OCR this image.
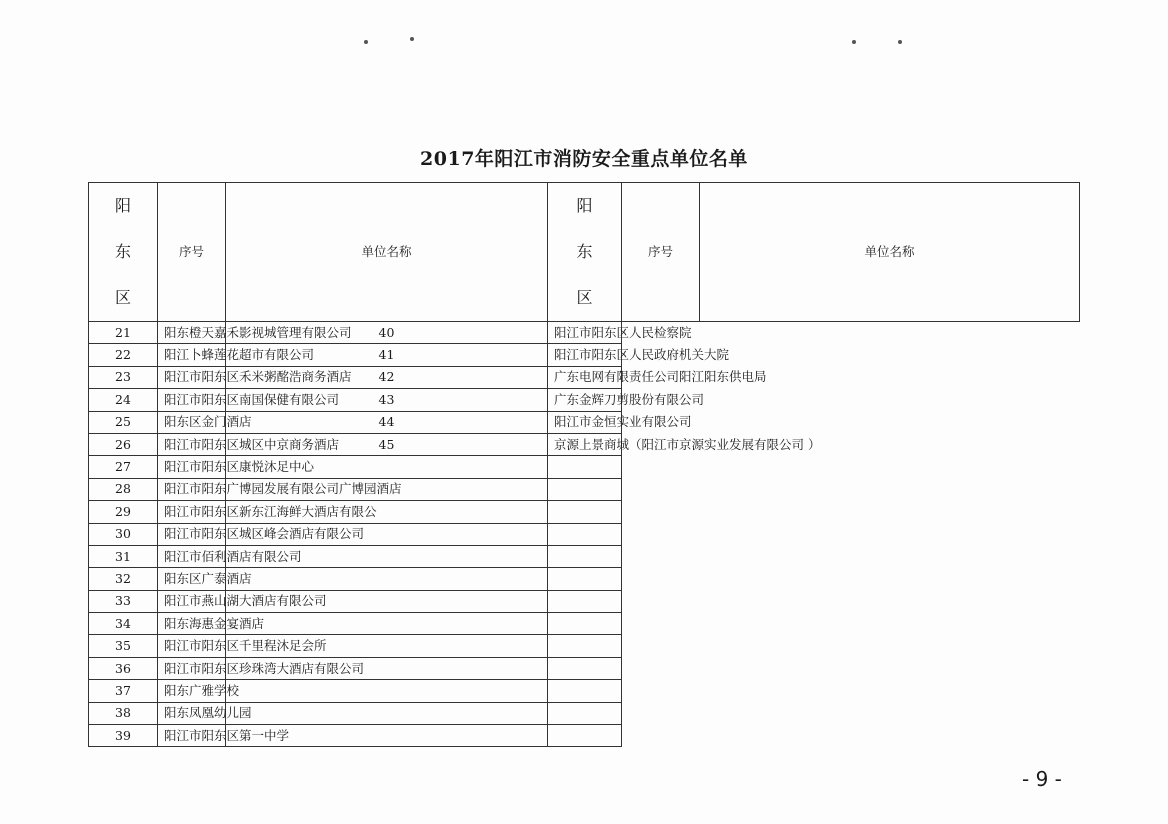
2017年阳江市消防安全重点单位名单
阳
东
区	序号	单位名称	阳
东
区	序号	单位名称
21	阳东橙天嘉禾影视城管理有限公司	40	阳江市阳东区人民检察院		
22	阳江卜蜂莲花超市有限公司	41	阳江市阳东区人民政府机关大院		
23	阳江市阳东区禾米粥酩浩商务酒店	42	广东电网有限责任公司阳江阳东供电局		
24	阳江市阳东区南国保健有限公司	43	广东金辉刀剪股份有限公司		
25	阳东区金门酒店	44	阳江市金恒实业有限公司		
26	阳江市阳东区城区中京商务酒店	45	京源上景商城（阳江市京源实业发展有限公司 ）		
27	阳江市阳东区康悦沐足中心				
28	阳江市阳东广博园发展有限公司广博园酒店				
29	阳江市阳东区新东江海鲜大酒店有限公				
30	阳江市阳东区城区峰会酒店有限公司				
31	阳江市佰利酒店有限公司				
32	阳东区广泰酒店				
33	阳江市燕山湖大酒店有限公司				
34	阳东海惠金宴酒店				
35	阳江市阳东区千里程沐足会所				
36	阳江市阳东区珍珠湾大酒店有限公司				
37	阳东广雅学校				
38	阳东凤凰幼儿园				
39	阳江市阳东区第一中学				
- 9 -
